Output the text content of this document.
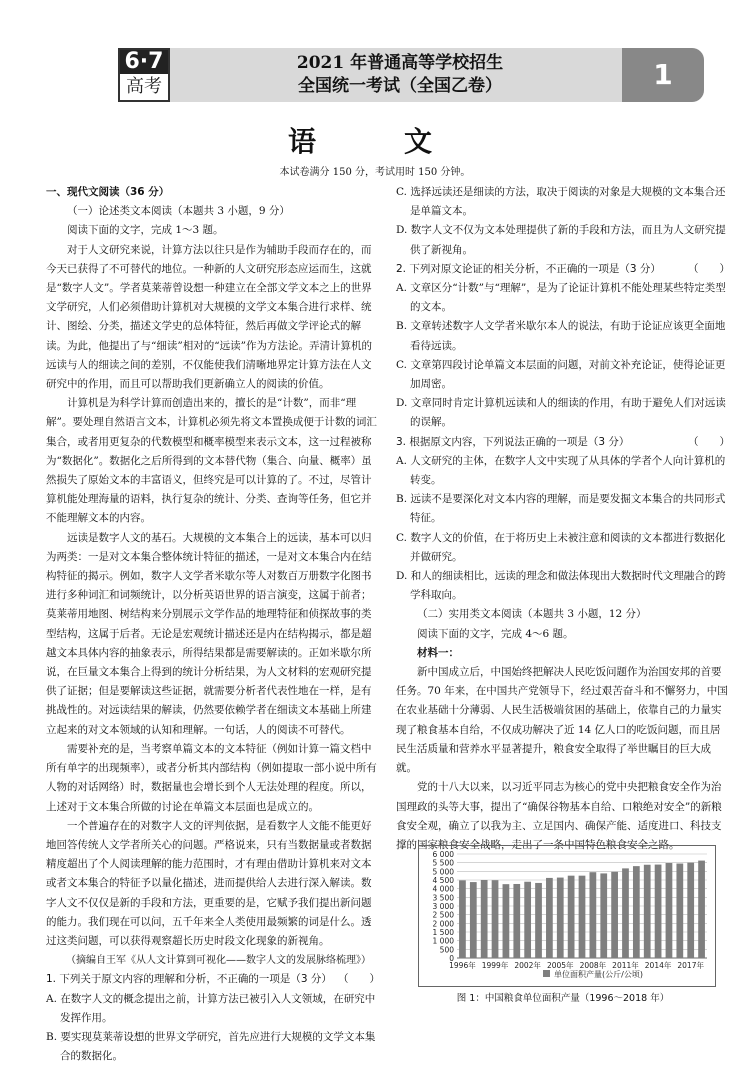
6·7
高考
2021 年普通高等学校招生
全国统一考试（全国乙卷）	1
语　文
本试卷满分 150 分，考试用时 150 分钟。

一、现代文阅读（36 分）

（一）论述类文本阅读（本题共 3 小题，9 分）

阅读下面的文字，完成 1～3 题。

对于人文研究来说，计算方法以往只是作为辅助手段而存在的，而今天已获得了不可替代的地位。一种新的人文研究形态应运而生，这就是“数字人文”。学者莫莱蒂曾设想一种建立在全部文学文本之上的世界文学研究，人们必须借助计算机对大规模的文学文本集合进行求样、统计、图绘、分类，描述文学史的总体特征，然后再做文学评论式的解读。为此，他提出了与“细读”相对的“远读”作为方法论。弄清计算机的远读与人的细读之间的差别，不仅能使我们清晰地界定计算方法在人文研究中的作用，而且可以帮助我们更新确立人的阅读的价值。

计算机是为科学计算而创造出来的，擅长的是“计数”，而非“理解”。要处理自然语言文本，计算机必须先将文本置换成便于计数的词汇集合，或者用更复杂的代数模型和概率模型来表示文本，这一过程被称为“数据化”。数据化之后所得到的文本替代物（集合、向量、概率）虽然损失了原始文本的丰富语义，但终究是可以计算的了。不过，尽管计算机能处理海量的语料，执行复杂的统计、分类、查询等任务，但它并不能理解文本的内容。

远读是数字人文的基石。大规模的文本集合上的远读，基本可以归为两类：一是对文本集合整体统计特征的描述，一是对文本集合内在结构特征的揭示。例如，数字人文学者米歇尔等人对数百万册数字化图书进行多种词汇和词频统计，以分析英语世界的语言演变，这属于前者；莫莱蒂用地图、树结构来分别展示文学作品的地理特征和侦探故事的类型结构，这属于后者。无论是宏观统计描述还是内在结构揭示，都是超越文本具体内容的抽象表示，所得结果都是需要解读的。正如米歇尔所说，在巨量文本集合上得到的统计分析结果，为人文材料的宏观研究提供了证据；但是要解读这些证据，就需要分析者代表性地在一样，是有挑战性的。对远读结果的解读，仍然要依赖学者在细读文本基础上所建立起来的对文本领域的认知和理解。一句话，人的阅读不可替代。

需要补充的是，当考察单篇文本的文本特征（例如计算一篇文档中所有单字的出现频率），或者分析其内部结构（例如提取一部小说中所有人物的对话网络）时，数据量也会增长到个人无法处理的程度。所以，上述对于文本集合所做的讨论在单篇文本层面也是成立的。

一个普遍存在的对数字人文的评判依据，是看数字人文能不能更好地回答传统人文学者所关心的问题。严格说来，只有当数据量或者数据精度超出了个人阅读理解的能力范围时，才有理由借助计算机来对文本或者文本集合的特征予以量化描述，进而提供给人去进行深入解读。数字人文不仅仅是新的手段和方法，更重要的是，它赋予我们提出新问题的能力。我们现在可以问，五千年来全人类使用最频繁的词是什么。透过这类问题，可以获得观察超长历史时段文化现象的新视角。

（摘编自王军《从人文计算到可视化——数字人文的发展脉络梳理》）

1. 下列关于原文内容的理解和分析，不正确的一项是（3 分） （　　）

A. 在数字人文的概念提出之前，计算方法已被引入人文领域，在研究中发挥作用。

B. 要实现莫莱蒂设想的世界文学研究，首先应进行大规模的文学文本集合的数据化。

C. 选择远读还是细读的方法，取决于阅读的对象是大规模的文本集合还是单篇文本。

D. 数字人文不仅为文本处理提供了新的手段和方法，而且为人文研究提供了新视角。

2. 下列对原文论证的相关分析，不正确的一项是（3 分）	（　　）

A. 文章区分“计数”与“理解”，是为了论证计算机不能处理某些特定类型的文本。

B. 文章转述数字人文学者米歇尔本人的说法，有助于论证应该更全面地看待远读。

C. 文章第四段讨论单篇文本层面的问题，对前文补充论证，使得论证更加周密。

D. 文章同时肯定计算机远读和人的细读的作用，有助于避免人们对远读的误解。

3. 根据原文内容，下列说法正确的一项是（3 分）	（　　）

A. 人文研究的主体，在数字人文中实现了从具体的学者个人向计算机的转变。

B. 远读不是要深化对文本内容的理解，而是要发掘文本集合的共同形式特征。

C. 数字人文的价值，在于将历史上未被注意和阅读的文本都进行数据化并做研究。

D. 和人的细读相比，远读的理念和做法体现出大数据时代文理融合的跨学科取向。

（二）实用类文本阅读（本题共 3 小题，12 分）

阅读下面的文字，完成 4～6 题。

材料一：

新中国成立后，中国始终把解决人民吃饭问题作为治国安邦的首要任务。70 年来，在中国共产党领导下，经过艰苦奋斗和不懈努力，中国在农业基础十分薄弱、人民生活极端贫困的基础上，依靠自己的力量实现了粮食基本自给，不仅成功解决了近 14 亿人口的吃饭问题，而且居民生活质量和营养水平显著提升，粮食安全取得了举世瞩目的巨大成就。

党的十八大以来，以习近平同志为核心的党中央把粮食安全作为治国理政的头等大事，提出了“确保谷物基本自给、口粮绝对安全”的新粮食安全观，确立了以我为主、立足国内、确保产能、适度进口、科技支撑的国家粮食安全战略，走出了一条中国特色粮食安全之路。

0
500
1 000
1 500
2 000
2 500
3 000
3 500
4 000
4 500
5 000
5 500
6 000
1996年 1999年 2002年 2005年 2008年 2011年 2014年 2017年
单位面积产量(公斤/公顷)
图 1：中国粮食单位面积产量（1996～2018 年）
